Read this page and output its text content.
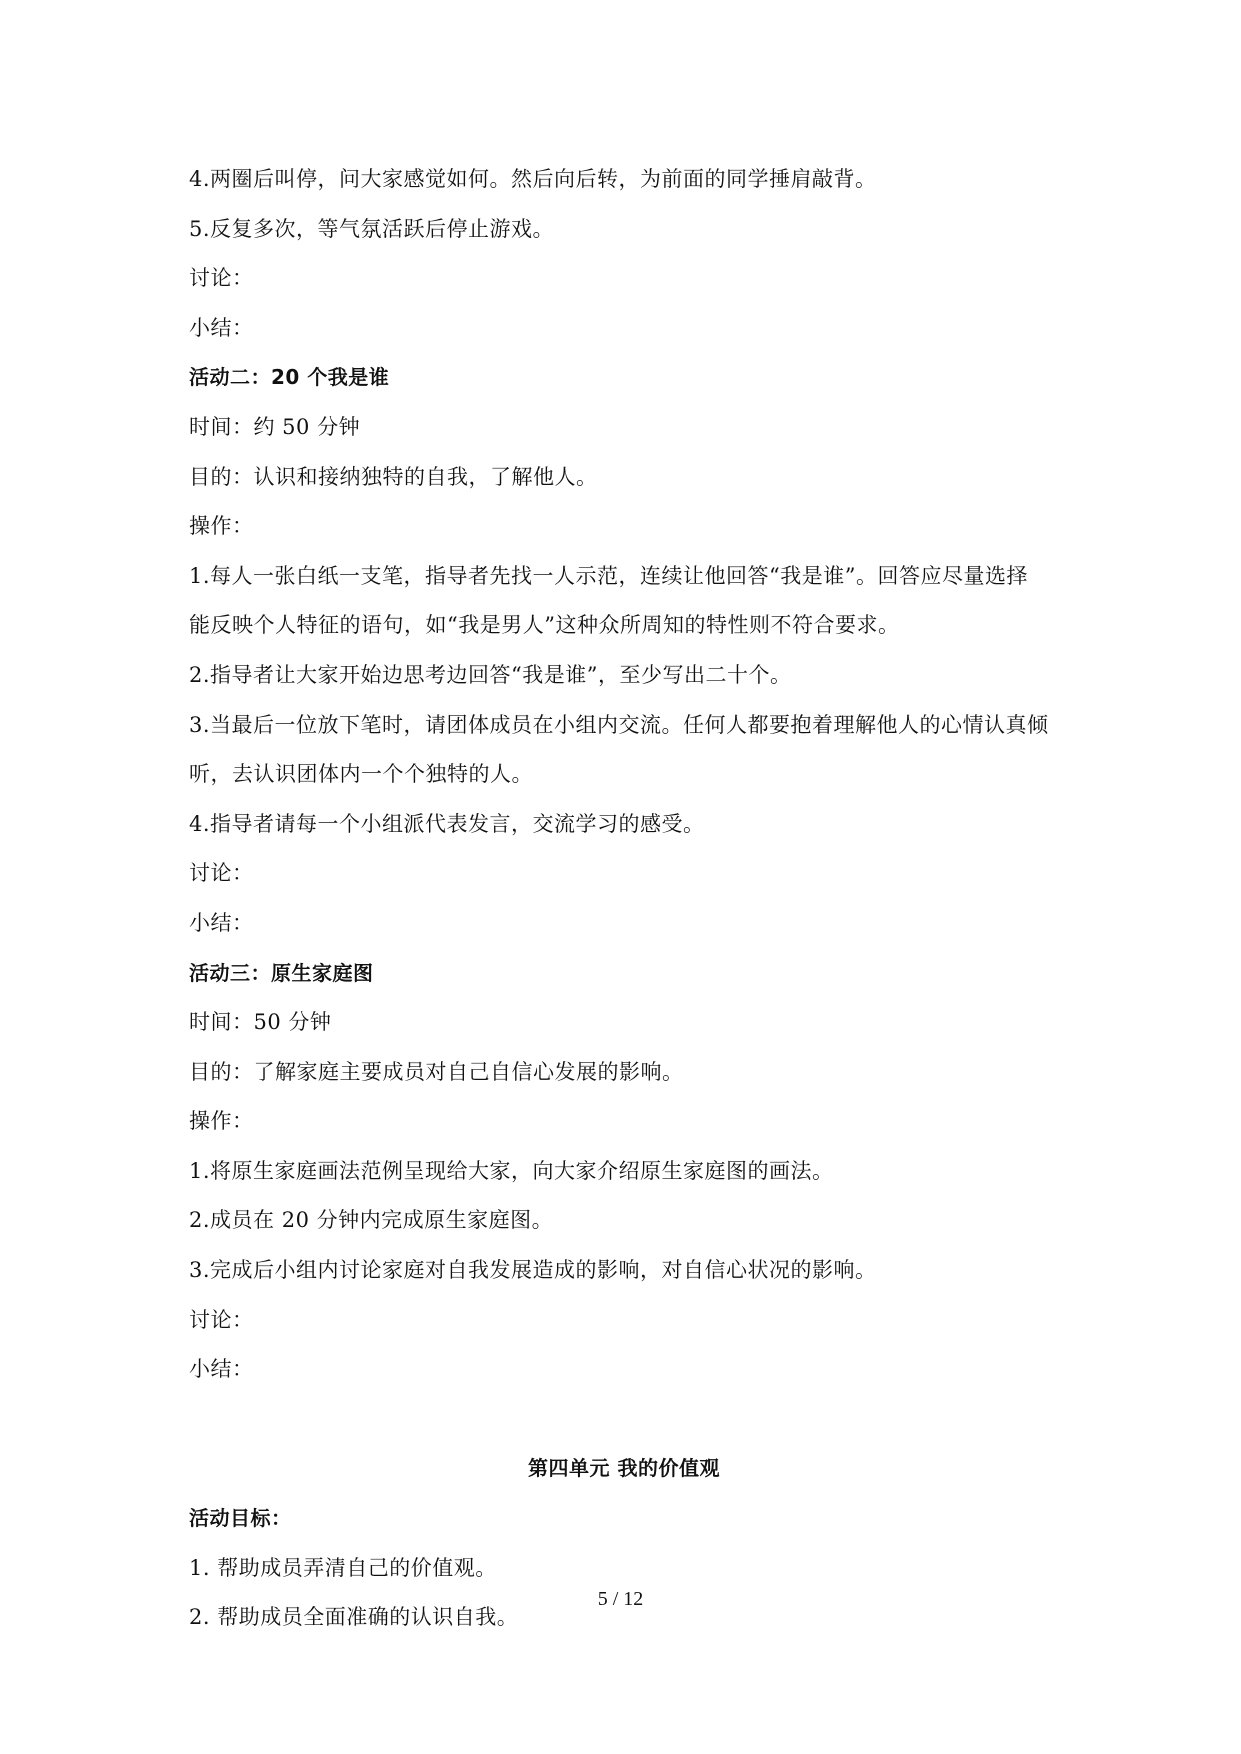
4.两圈后叫停，问大家感觉如何。然后向后转，为前面的同学捶肩敲背。
5.反复多次，等气氛活跃后停止游戏。
讨论：
小结：
活动二：20 个我是谁
时间：约 50 分钟
目的：认识和接纳独特的自我，了解他人。
操作：
1.每人一张白纸一支笔，指导者先找一人示范，连续让他回答“我是谁”。回答应尽量选择
能反映个人特征的语句，如“我是男人”这种众所周知的特性则不符合要求。
2.指导者让大家开始边思考边回答“我是谁”，至少写出二十个。
3.当最后一位放下笔时，请团体成员在小组内交流。任何人都要抱着理解他人的心情认真倾
听，去认识团体内一个个独特的人。
4.指导者请每一个小组派代表发言，交流学习的感受。
讨论：
小结：
活动三：原生家庭图
时间：50 分钟
目的：了解家庭主要成员对自己自信心发展的影响。
操作：
1.将原生家庭画法范例呈现给大家，向大家介绍原生家庭图的画法。
2.成员在 20 分钟内完成原生家庭图。
3.完成后小组内讨论家庭对自我发展造成的影响，对自信心状况的影响。
讨论：
小结：
第四单元 我的价值观
活动目标：
1. 帮助成员弄清自己的价值观。
2. 帮助成员全面准确的认识自我。
5 / 12
